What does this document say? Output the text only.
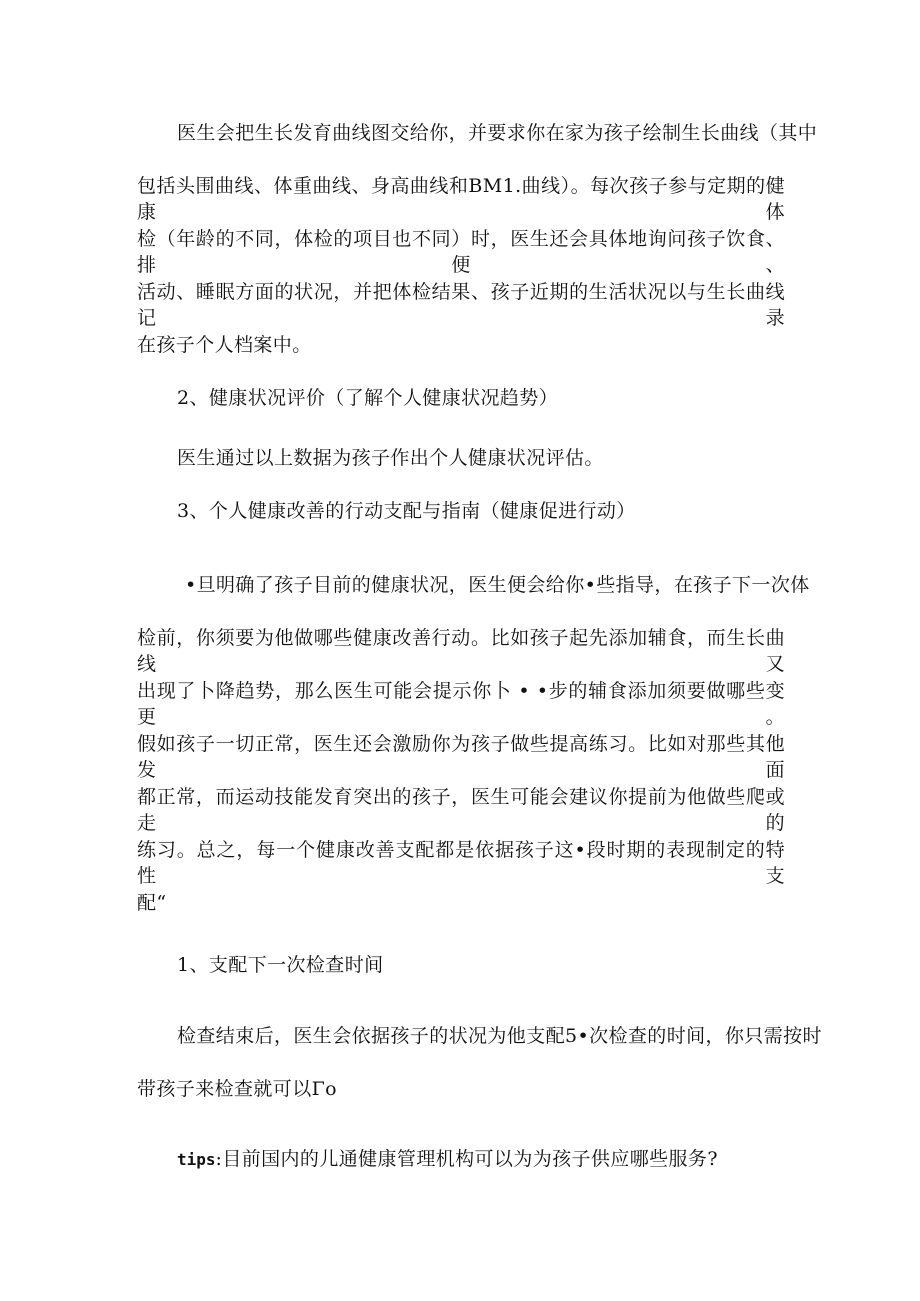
医生会把生长发育曲线图交给你，并要求你在家为孩子绘制生长曲线（其中
包括头围曲线、体重曲线、身高曲线和BM1.曲线）。每次孩子参与定期的健康体
检（年龄的不同，体检的项目也不同）时，医生还会具体地询问孩子饮食、排便、
活动、睡眠方面的状况，并把体检结果、孩子近期的生活状况以与生长曲线记录
在孩子个人档案中。
2、健康状况评价（了解个人健康状况趋势）
医生通过以上数据为孩子作出个人健康状况评估。
3、个人健康改善的行动支配与指南（健康促进行动）
•旦明确了孩子目前的健康状况，医生便会给你•些指导，在孩子下一次体
检前，你须要为他做哪些健康改善行动。比如孩子起先添加辅食，而生长曲线又
出现了卜降趋势，那么医生可能会提示你卜 • •步的辅食添加须要做哪些变更。
假如孩子一切正常，医生还会激励你为孩子做些提高练习。比如对那些其他发面
都正常，而运动技能发育突出的孩子，医生可能会建议你提前为他做些爬或走的
练习。总之，每一个健康改善支配都是依据孩子这•段时期的表现制定的特性支
配“
1、支配下一次检查时间
检查结束后，医生会依据孩子的状况为他支配5•次检查的时间，你只需按时
带孩子来检查就可以Γo
tips:目前国内的儿通健康管理机构可以为为孩子供应哪些服务?
